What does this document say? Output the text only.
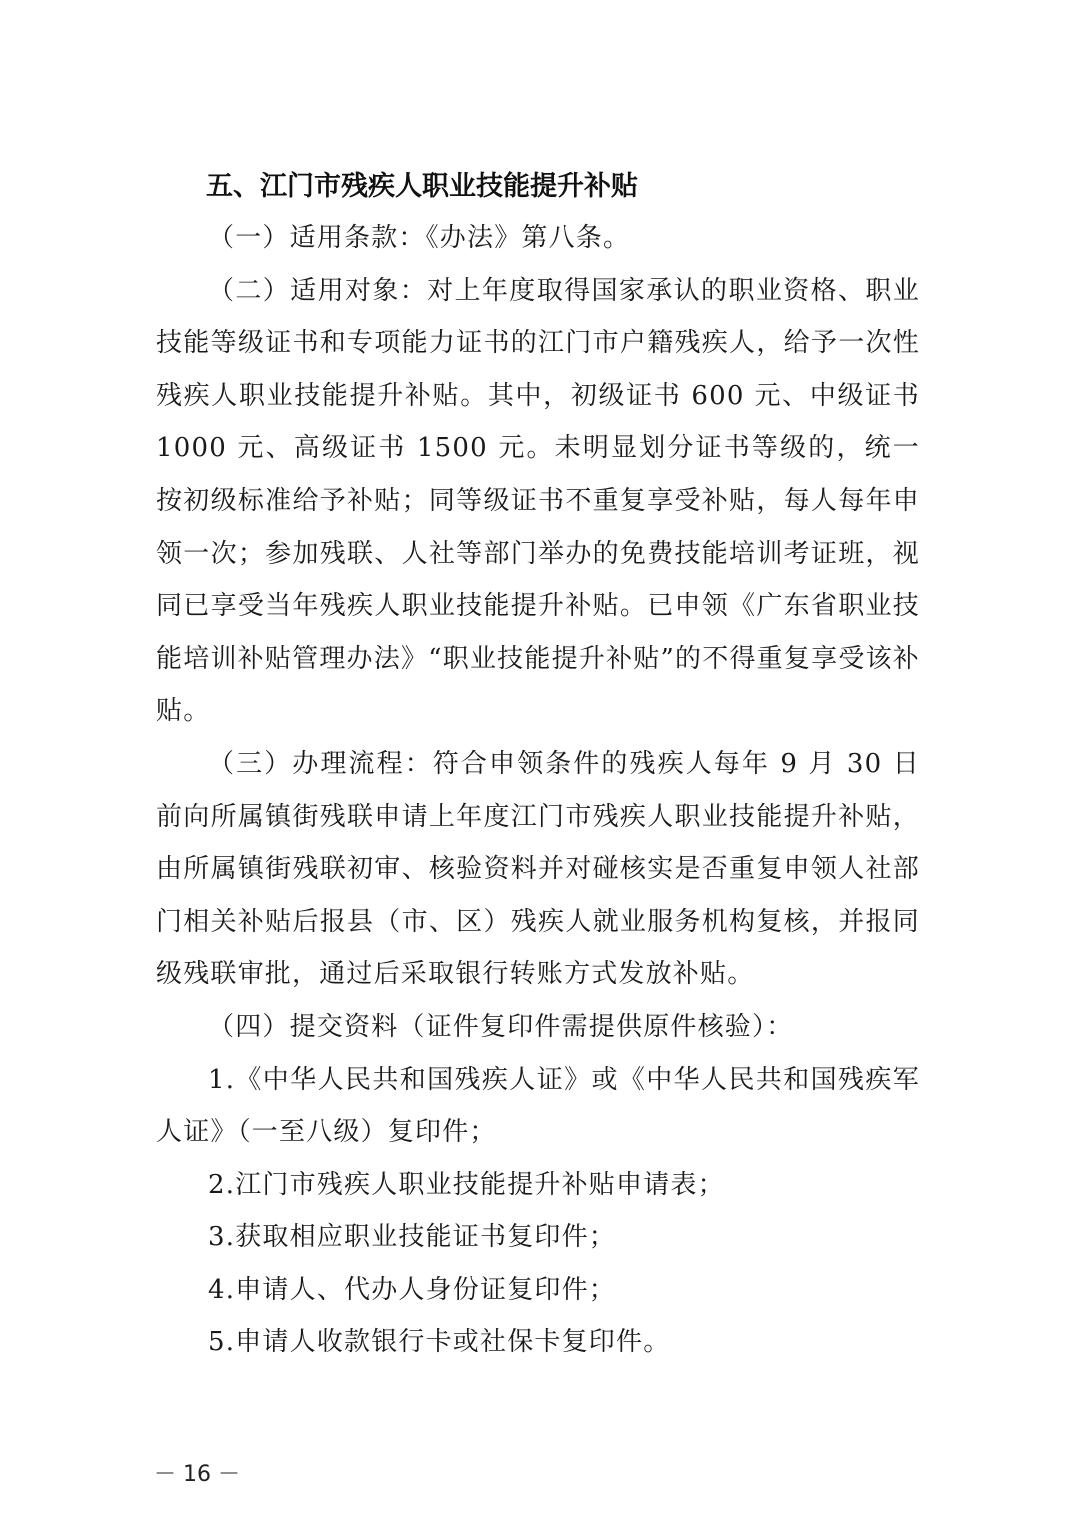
五、江门市残疾人职业技能提升补贴

（一）适用条款：《办法》第八条。

（二）适用对象：对上年度取得国家承认的职业资格、职业技能等级证书和专项能力证书的江门市户籍残疾人，给予一次性残疾人职业技能提升补贴。其中，初级证书 600 元、中级证书 1000 元、高级证书 1500 元。未明显划分证书等级的，统一按初级标准给予补贴；同等级证书不重复享受补贴，每人每年申领一次；参加残联、人社等部门举办的免费技能培训考证班，视同已享受当年残疾人职业技能提升补贴。已申领《广东省职业技能培训补贴管理办法》“职业技能提升补贴”的不得重复享受该补贴。

（三）办理流程：符合申领条件的残疾人每年 9 月 30 日前向所属镇街残联申请上年度江门市残疾人职业技能提升补贴，由所属镇街残联初审、核验资料并对碰核实是否重复申领人社部门相关补贴后报县（市、区）残疾人就业服务机构复核，并报同级残联审批，通过后采取银行转账方式发放补贴。

（四）提交资料（证件复印件需提供原件核验）：

1.《中华人民共和国残疾人证》或《中华人民共和国残疾军人证》（一至八级）复印件；

2.江门市残疾人职业技能提升补贴申请表；

3.获取相应职业技能证书复印件；

4.申请人、代办人身份证复印件；

5.申请人收款银行卡或社保卡复印件。

－ 16 －
